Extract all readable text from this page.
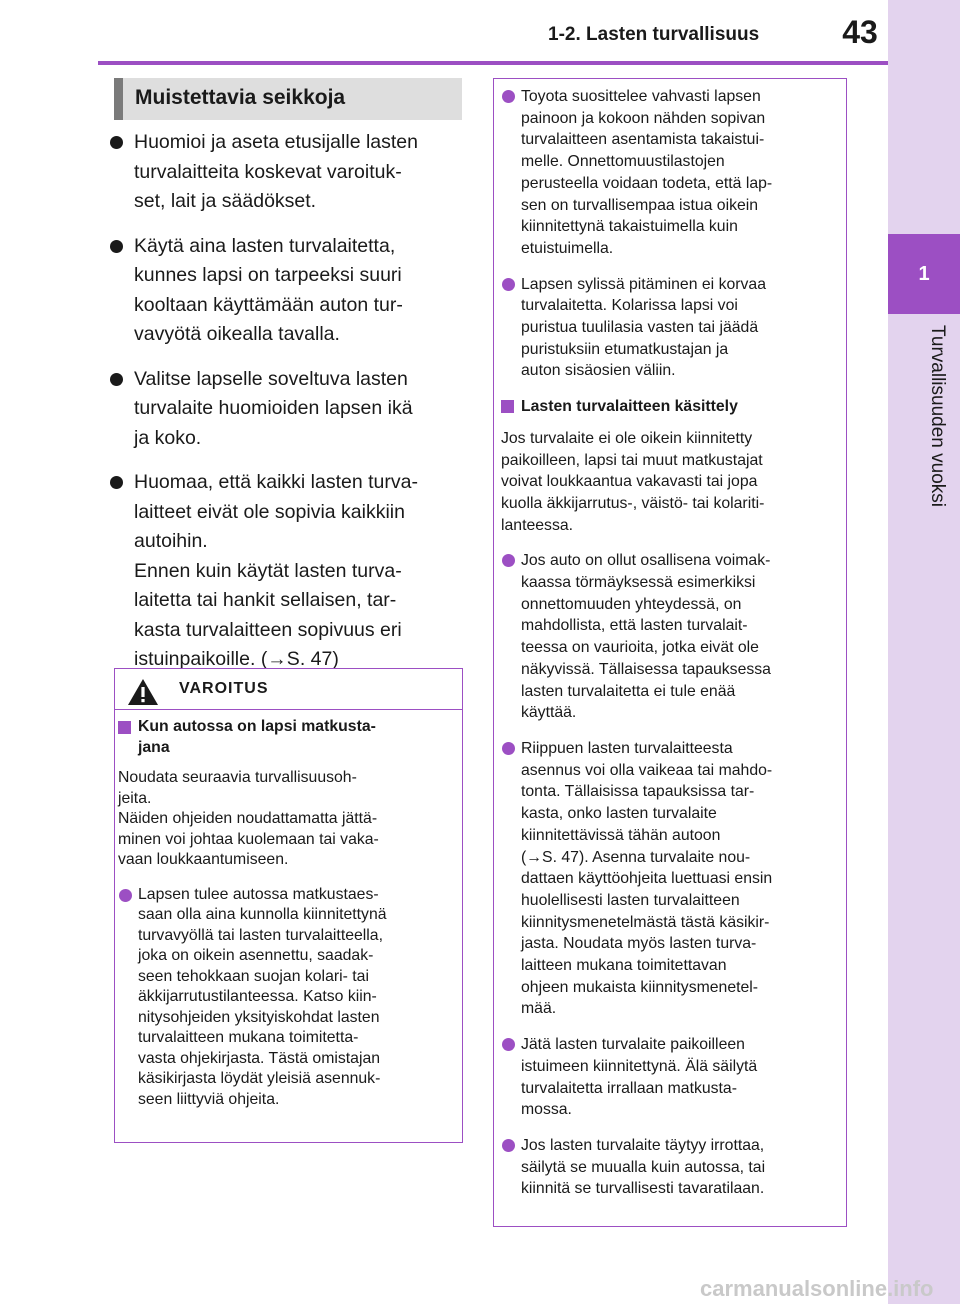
1-2. Lasten turvallisuus	43
1
Turvallisuuden vuoksi
Muistettavia seikkoja
Huomioi ja aseta etusijalle lasten
turvalaitteita koskevat varoituk-
set, lait ja säädökset.
Käytä aina lasten turvalaitetta,
kunnes lapsi on tarpeeksi suuri
kooltaan käyttämään auton tur-
vavyötä oikealla tavalla.
Valitse lapselle soveltuva lasten
turvalaite huomioiden lapsen ikä
ja koko.
Huomaa, että kaikki lasten turva-
laitteet eivät ole sopivia kaikkiin
autoihin.
Ennen kuin käytät lasten turva-
laitetta tai hankit sellaisen, tar-
kasta turvalaitteen sopivuus eri
istuinpaikoille. (→S. 47)
VAROITUS
Kun autossa on lapsi matkusta-
jana
Noudata seuraavia turvallisuusoh-
jeita.
Näiden ohjeiden noudattamatta jättä-
minen voi johtaa kuolemaan tai vaka-
vaan loukkaantumiseen.
Lapsen tulee autossa matkustaes-
saan olla aina kunnolla kiinnitettynä
turvavyöllä tai lasten turvalaitteella,
joka on oikein asennettu, saadak-
seen tehokkaan suojan kolari- tai
äkkijarrutustilanteessa. Katso kiin-
nitysohjeiden yksityiskohdat lasten
turvalaitteen mukana toimitetta-
vasta ohjekirjasta. Tästä omistajan
käsikirjasta löydät yleisiä asennuk-
seen liittyviä ohjeita.
Toyota suosittelee vahvasti lapsen
painoon ja kokoon nähden sopivan
turvalaitteen asentamista takaistui-
melle. Onnettomuustilastojen
perusteella voidaan todeta, että lap-
sen on turvallisempaa istua oikein
kiinnitettynä takaistuimella kuin
etuistuimella.
Lapsen sylissä pitäminen ei korvaa
turvalaitetta. Kolarissa lapsi voi
puristua tuulilasia vasten tai jäädä
puristuksiin etumatkustajan ja
auton sisäosien väliin.
Lasten turvalaitteen käsittely
Jos turvalaite ei ole oikein kiinnitetty
paikoilleen, lapsi tai muut matkustajat
voivat loukkaantua vakavasti tai jopa
kuolla äkkijarrutus-, väistö- tai kolariti-
lanteessa.
Jos auto on ollut osallisena voimak-
kaassa törmäyksessä esimerkiksi
onnettomuuden yhteydessä, on
mahdollista, että lasten turvalait-
teessa on vaurioita, jotka eivät ole
näkyvissä. Tällaisessa tapauksessa
lasten turvalaitetta ei tule enää
käyttää.
Riippuen lasten turvalaitteesta
asennus voi olla vaikeaa tai mahdo-
tonta. Tällaisissa tapauksissa tar-
kasta, onko lasten turvalaite
kiinnitettävissä tähän autoon
(→S. 47). Asenna turvalaite nou-
dattaen käyttöohjeita luettuasi ensin
huolellisesti lasten turvalaitteen
kiinnitysmenetelmästä tästä käsikir-
jasta. Noudata myös lasten turva-
laitteen mukana toimitettavan
ohjeen mukaista kiinnitysmenetel-
mää.
Jätä lasten turvalaite paikoilleen
istuimeen kiinnitettynä. Älä säilytä
turvalaitetta irrallaan matkusta-
mossa.
Jos lasten turvalaite täytyy irrottaa,
säilytä se muualla kuin autossa, tai
kiinnitä se turvallisesti tavaratilaan.
carmanualsonline.info
